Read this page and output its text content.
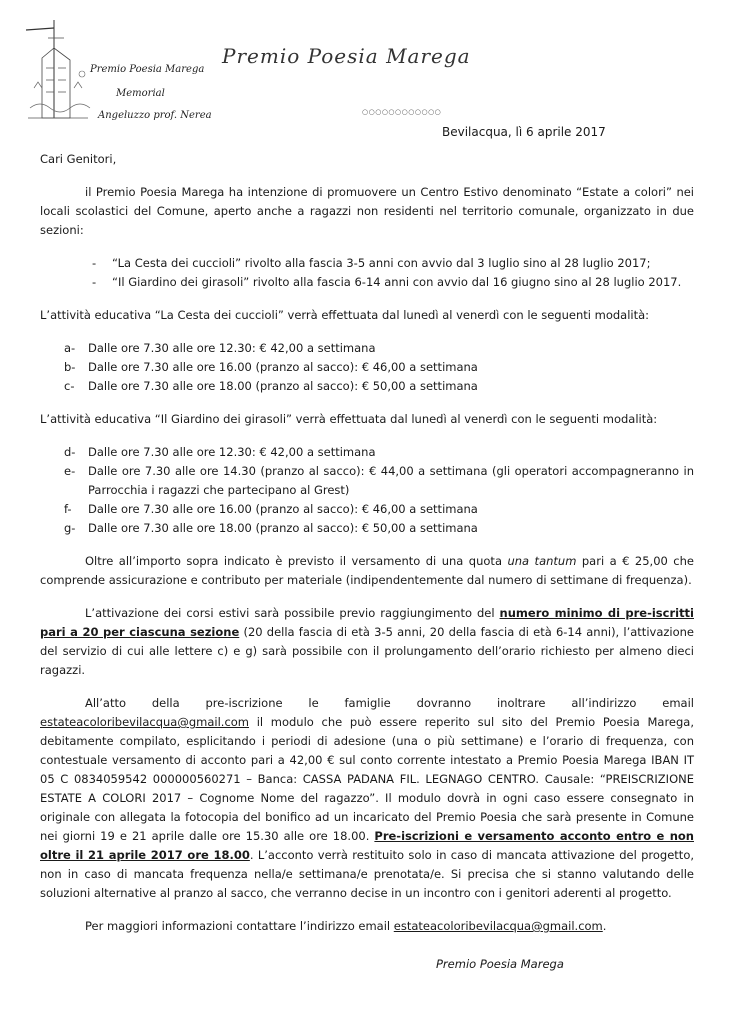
Premio Poesia Marega
Memorial
Angeluzzo prof. Nerea
Premio Poesia Marega
○○○○○○○○○○○○
Bevilacqua, lì 6 aprile 2017

Cari Genitori,

il Premio Poesia Marega ha intenzione di promuovere un Centro Estivo denominato “Estate a colori” nei locali scolastici del Comune, aperto anche a ragazzi non residenti nel territorio comunale, organizzato in due sezioni:

- “La Cesta dei cuccioli” rivolto alla fascia 3-5 anni con avvio dal 3 luglio sino al 28 luglio 2017;
- “Il Giardino dei girasoli” rivolto alla fascia 6-14 anni con avvio dal 16 giugno sino al 28 luglio 2017.

L’attività educativa “La Cesta dei cuccioli” verrà effettuata dal lunedì al venerdì con le seguenti modalità:

a- Dalle ore 7.30 alle ore 12.30: € 42,00 a settimana
b- Dalle ore 7.30 alle ore 16.00 (pranzo al sacco): € 46,00 a settimana
c- Dalle ore 7.30 alle ore 18.00 (pranzo al sacco): € 50,00 a settimana

L’attività educativa “Il Giardino dei girasoli” verrà effettuata dal lunedì al venerdì con le seguenti modalità:

d- Dalle ore 7.30 alle ore 12.30: € 42,00 a settimana
e- Dalle ore 7.30 alle ore 14.30 (pranzo al sacco): € 44,00 a settimana (gli operatori accompagneranno in Parrocchia i ragazzi che partecipano al Grest)
f- Dalle ore 7.30 alle ore 16.00 (pranzo al sacco): € 46,00 a settimana
g- Dalle ore 7.30 alle ore 18.00 (pranzo al sacco): € 50,00 a settimana

Oltre all’importo sopra indicato è previsto il versamento di una quota una tantum pari a € 25,00 che comprende assicurazione e contributo per materiale (indipendentemente dal numero di settimane di frequenza).

L’attivazione dei corsi estivi sarà possibile previo raggiungimento del numero minimo di pre-iscritti pari a 20 per ciascuna sezione (20 della fascia di età 3-5 anni, 20 della fascia di età 6-14 anni), l’attivazione del servizio di cui alle lettere c) e g) sarà possibile con il prolungamento dell’orario richiesto per almeno dieci ragazzi.

All’atto della pre-iscrizione le famiglie dovranno inoltrare all’indirizzo email estateacoloribevilacqua@gmail.com il modulo che può essere reperito sul sito del Premio Poesia Marega, debitamente compilato, esplicitando i periodi di adesione (una o più settimane) e l’orario di frequenza, con contestuale versamento di acconto pari a 42,00 € sul conto corrente intestato a Premio Poesia Marega IBAN IT 05 C 0834059542 000000560271 – Banca: CASSA PADANA FIL. LEGNAGO CENTRO. Causale: “PREISCRIZIONE ESTATE A COLORI 2017 – Cognome Nome del ragazzo”. Il modulo dovrà in ogni caso essere consegnato in originale con allegata la fotocopia del bonifico ad un incaricato del Premio Poesia che sarà presente in Comune nei giorni 19 e 21 aprile dalle ore 15.30 alle ore 18.00. Pre-iscrizioni e versamento acconto entro e non oltre il 21 aprile 2017 ore 18.00. L’acconto verrà restituito solo in caso di mancata attivazione del progetto, non in caso di mancata frequenza nella/e settimana/e prenotata/e. Si precisa che si stanno valutando delle soluzioni alternative al pranzo al sacco, che verranno decise in un incontro con i genitori aderenti al progetto.

Per maggiori informazioni contattare l’indirizzo email estateacoloribevilacqua@gmail.com.

Premio Poesia Marega
